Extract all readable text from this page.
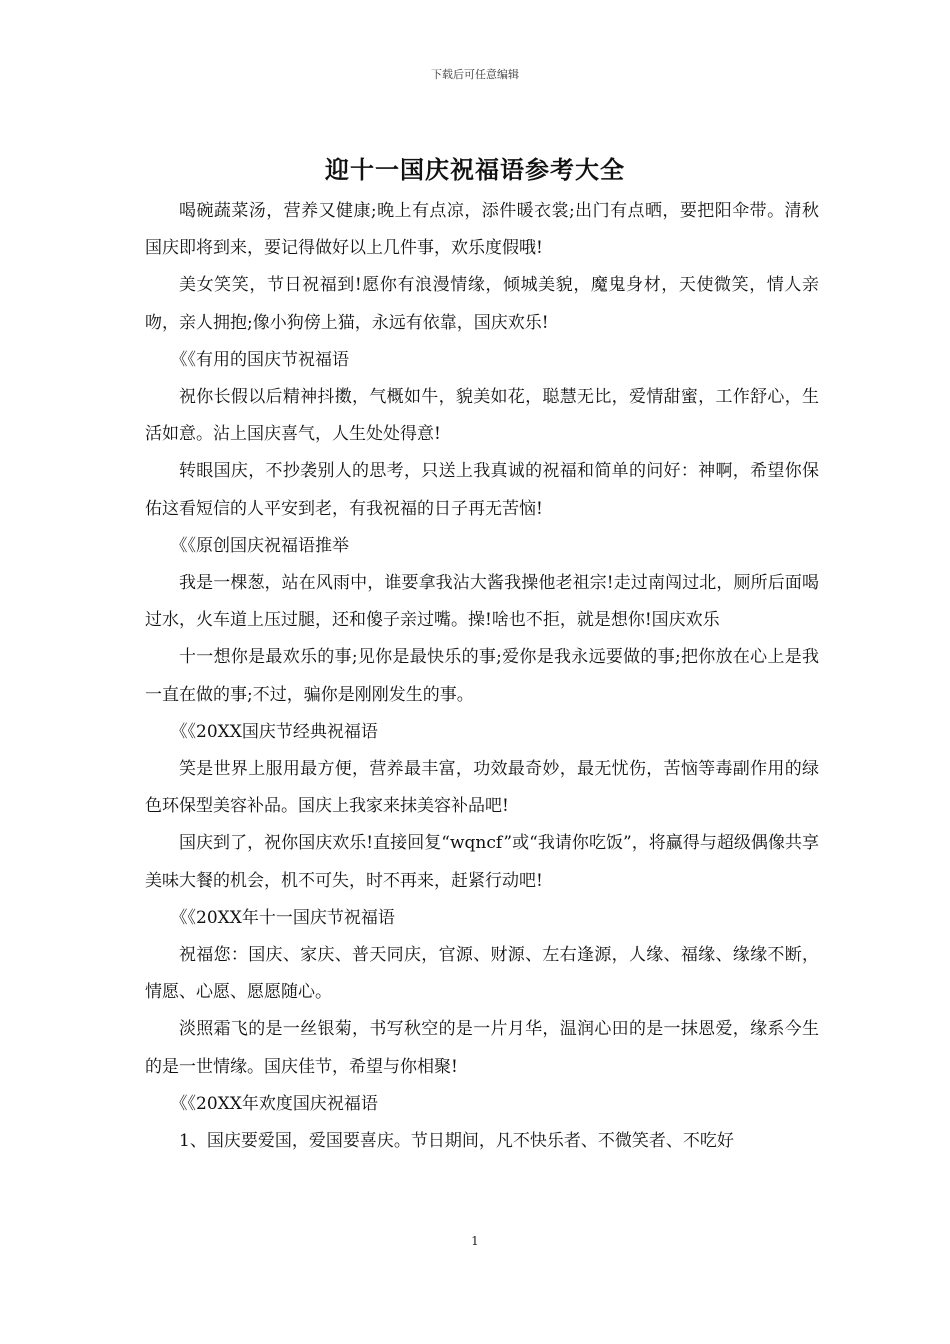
下载后可任意编辑
迎十一国庆祝福语参考大全

喝碗蔬菜汤，营养又健康;晚上有点凉，添件暖衣裳;出门有点晒，要把阳伞带。清秋国庆即将到来，要记得做好以上几件事，欢乐度假哦!

美女笑笑，节日祝福到!愿你有浪漫情缘，倾城美貌，魔鬼身材，天使微笑，情人亲吻，亲人拥抱;像小狗傍上猫，永远有依靠，国庆欢乐!

《《有用的国庆节祝福语

祝你长假以后精神抖擞，气概如牛，貌美如花，聪慧无比，爱情甜蜜，工作舒心，生活如意。沾上国庆喜气，人生处处得意!

转眼国庆，不抄袭别人的思考，只送上我真诚的祝福和简单的问好：神啊，希望你保佑这看短信的人平安到老，有我祝福的日子再无苦恼!

《《原创国庆祝福语推举

我是一棵葱，站在风雨中，谁要拿我沾大酱我操他老祖宗!走过南闯过北，厕所后面喝过水，火车道上压过腿，还和傻子亲过嘴。操!啥也不拒，就是想你!国庆欢乐

十一想你是最欢乐的事;见你是最快乐的事;爱你是我永远要做的事;把你放在心上是我一直在做的事;不过，骗你是刚刚发生的事。

《《20XX国庆节经典祝福语

笑是世界上服用最方便，营养最丰富，功效最奇妙，最无忧伤，苦恼等毒副作用的绿色环保型美容补品。国庆上我家来抹美容补品吧!

国庆到了，祝你国庆欢乐!直接回复“wqncf”或“我请你吃饭”，将赢得与超级偶像共享美味大餐的机会，机不可失，时不再来，赶紧行动吧!

《《20XX年十一国庆节祝福语

祝福您：国庆、家庆、普天同庆，官源、财源、左右逢源，人缘、福缘、缘缘不断，情愿、心愿、愿愿随心。

淡照霜飞的是一丝银菊，书写秋空的是一片月华，温润心田的是一抹恩爱，缘系今生的是一世情缘。国庆佳节，希望与你相聚!

《《20XX年欢度国庆祝福语

1、国庆要爱国，爱国要喜庆。节日期间，凡不快乐者、不微笑者、不吃好

1
